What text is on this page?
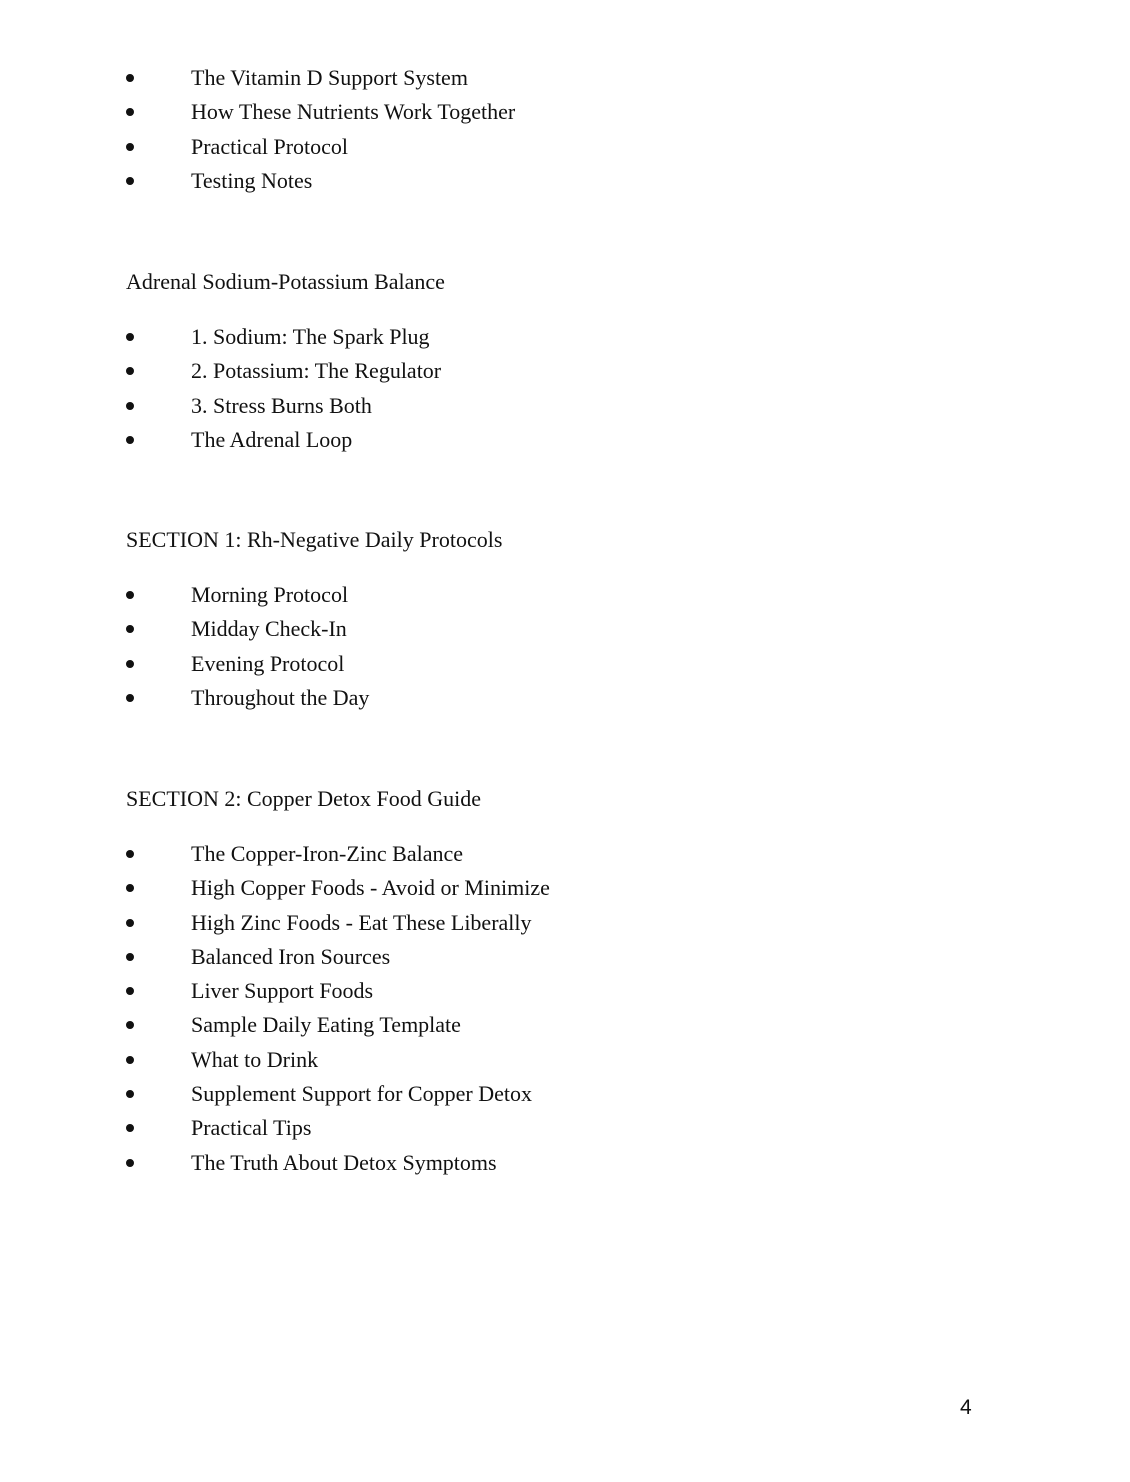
The Vitamin D Support System
How These Nutrients Work Together
Practical Protocol
Testing Notes
Adrenal Sodium-Potassium Balance
1. Sodium: The Spark Plug
2. Potassium: The Regulator
3. Stress Burns Both
The Adrenal Loop
SECTION 1: Rh-Negative Daily Protocols
Morning Protocol
Midday Check-In
Evening Protocol
Throughout the Day
SECTION 2: Copper Detox Food Guide
The Copper-Iron-Zinc Balance
High Copper Foods - Avoid or Minimize
High Zinc Foods - Eat These Liberally
Balanced Iron Sources
Liver Support Foods
Sample Daily Eating Template
What to Drink
Supplement Support for Copper Detox
Practical Tips
The Truth About Detox Symptoms
4
